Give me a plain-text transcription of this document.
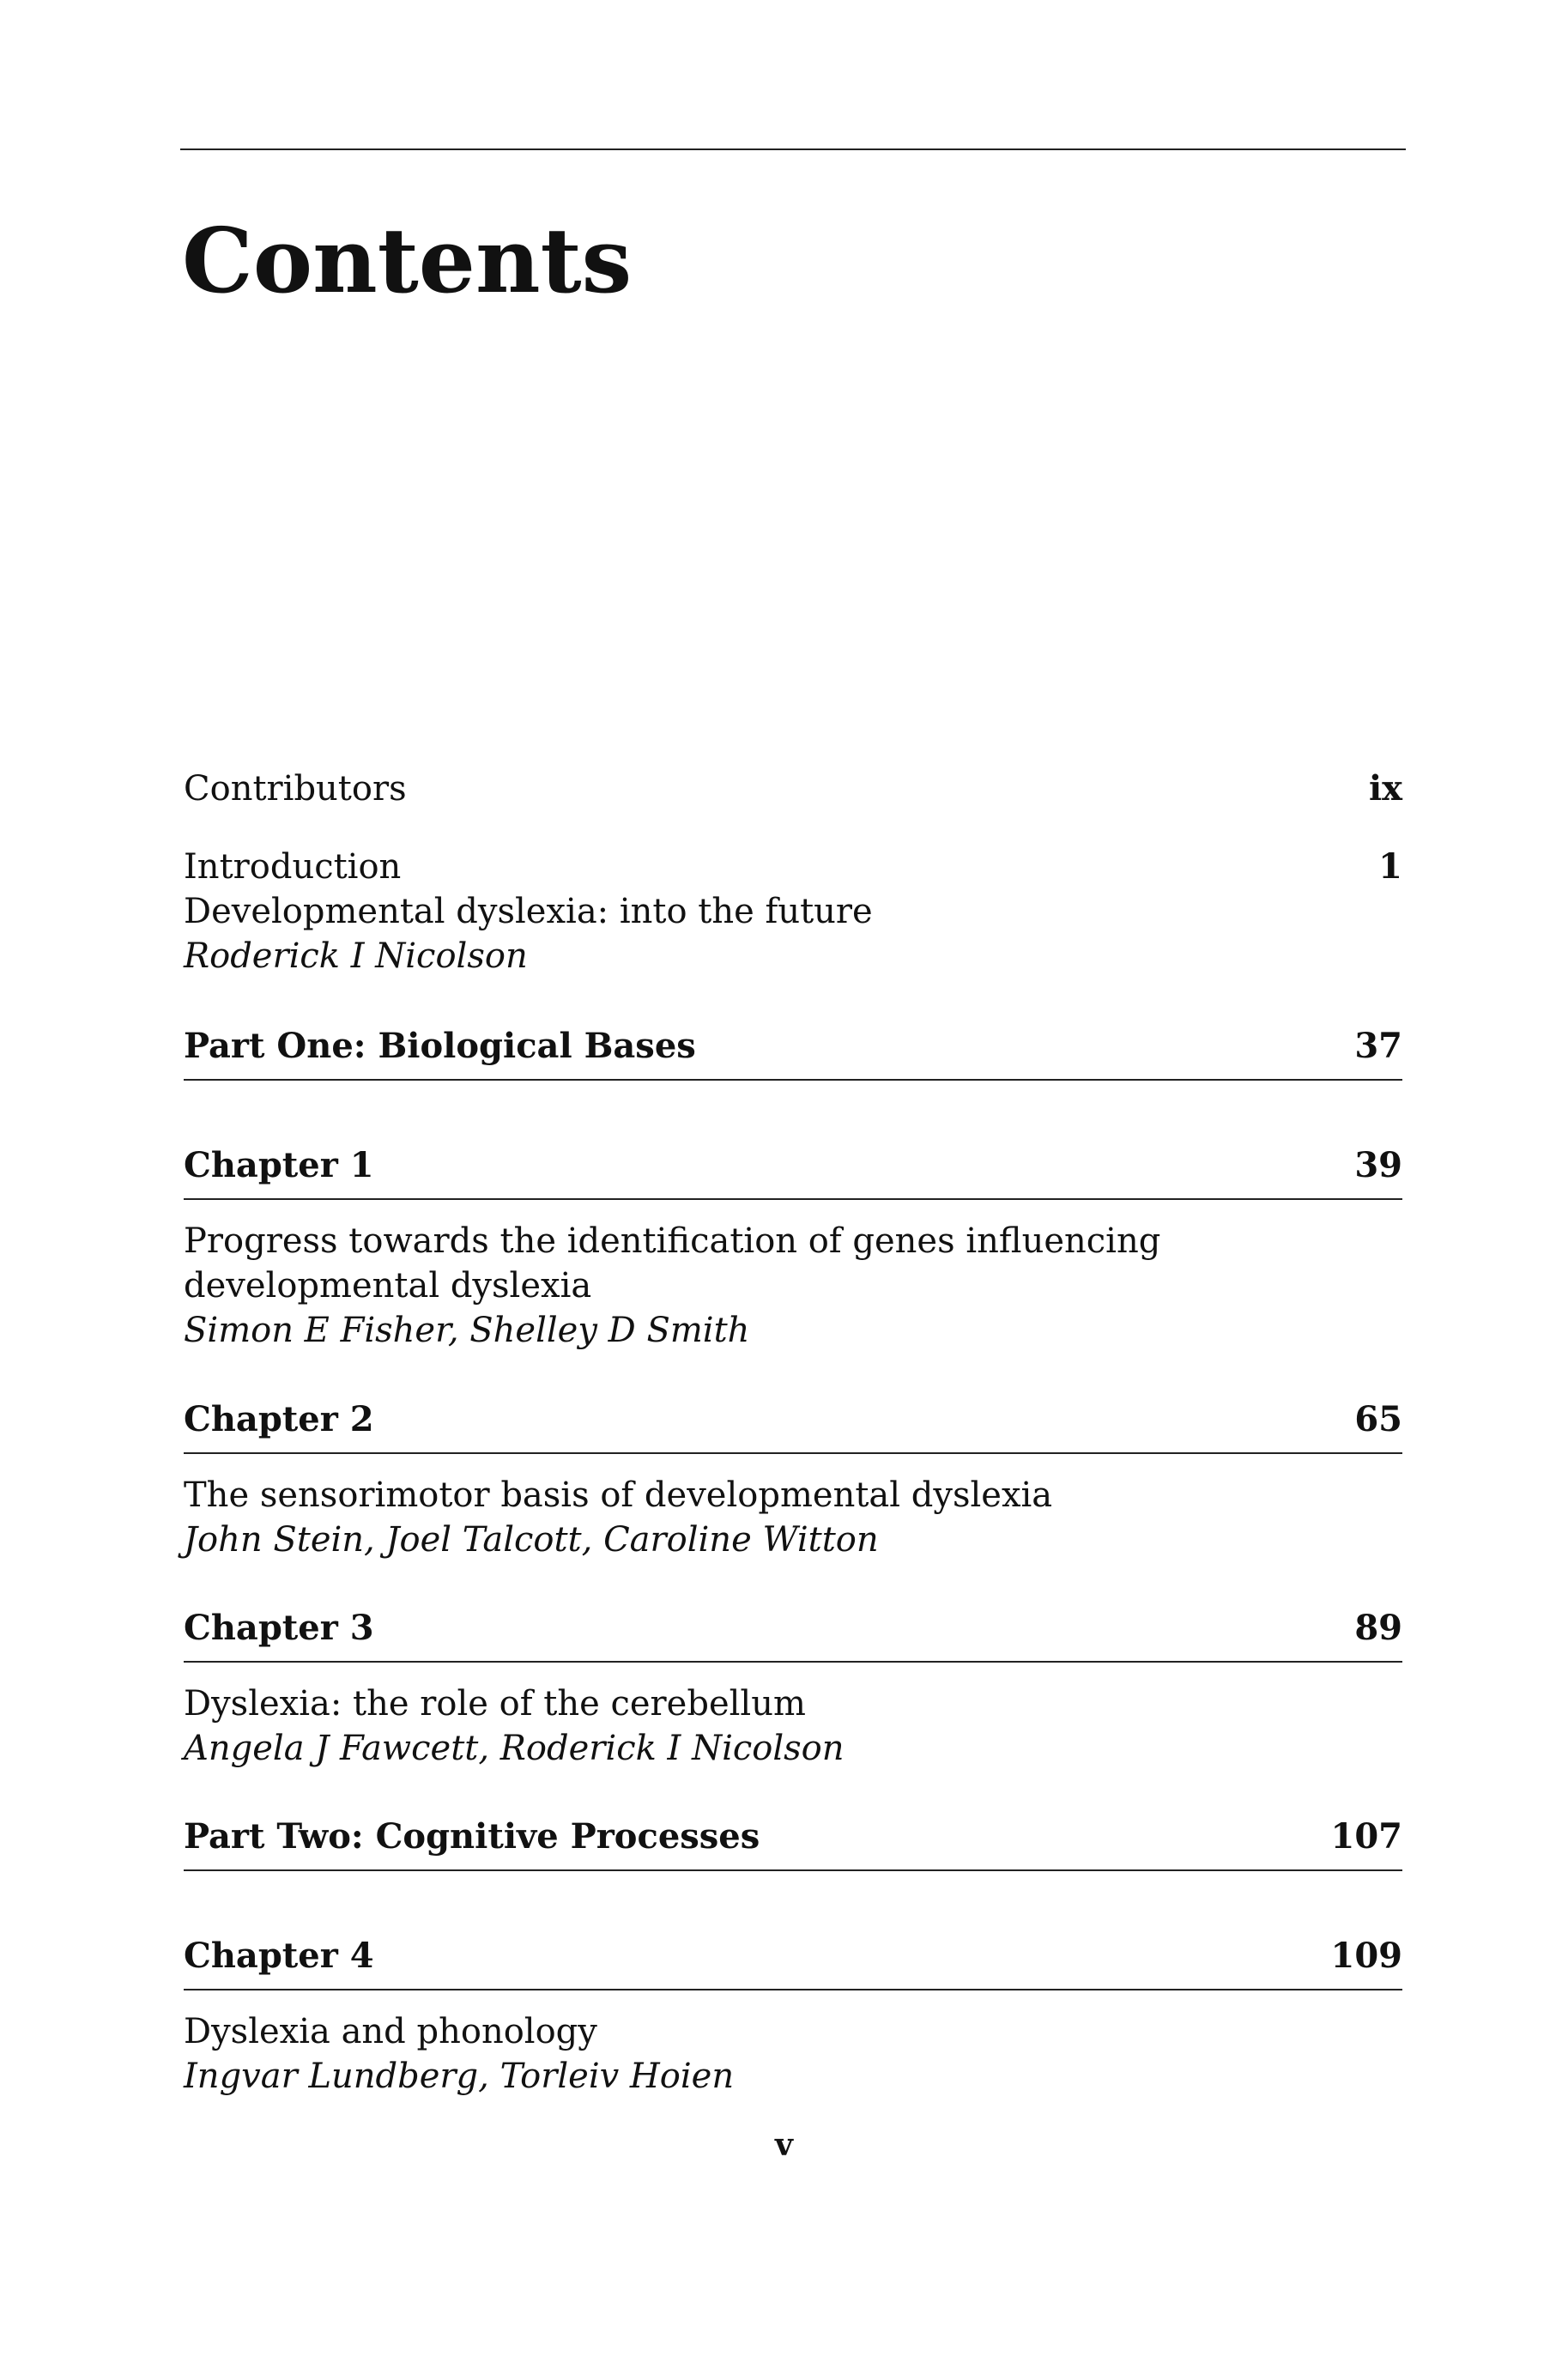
Contents
Contributors	ix
Introduction	1
Developmental dyslexia: into the future
Roderick I Nicolson
Part One: Biological Bases	37
Chapter 1	39
Progress towards the identification of genes influencing
developmental dyslexia
Simon E Fisher, Shelley D Smith
Chapter 2	65
The sensorimotor basis of developmental dyslexia
John Stein, Joel Talcott, Caroline Witton
Chapter 3	89
Dyslexia: the role of the cerebellum
Angela J Fawcett, Roderick I Nicolson
Part Two: Cognitive Processes	107
Chapter 4	109
Dyslexia and phonology
Ingvar Lundberg, Torleiv Hoien
v
